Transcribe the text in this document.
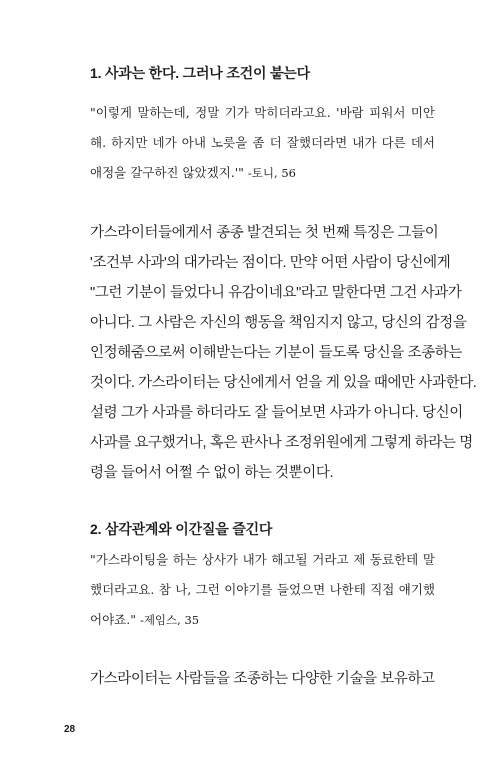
1. 사과는 한다. 그러나 조건이 붙는다
"이렇게 말하는데, 정말 기가 막히더라고요. '바람 피워서 미안
해. 하지만 네가 아내 노릇을 좀 더 잘했더라면 내가 다른 데서
애정을 갈구하진 않았겠지.'" -토니, 56
가스라이터들에게서 종종 발견되는 첫 번째 특징은 그들이
'조건부 사과'의 대가라는 점이다. 만약 어떤 사람이 당신에게
"그런 기분이 들었다니 유감이네요"라고 말한다면 그건 사과가
아니다. 그 사람은 자신의 행동을 책임지지 않고, 당신의 감정을
인정해줌으로써 이해받는다는 기분이 들도록 당신을 조종하는
것이다. 가스라이터는 당신에게서 얻을 게 있을 때에만 사과한다.
설령 그가 사과를 하더라도 잘 들어보면 사과가 아니다. 당신이
사과를 요구했거나, 혹은 판사나 조정위원에게 그렇게 하라는 명
령을 들어서 어쩔 수 없이 하는 것뿐이다.
2. 삼각관계와 이간질을 즐긴다
"가스라이팅을 하는 상사가 내가 해고될 거라고 제 동료한테 말
했더라고요. 참 나, 그런 이야기를 들었으면 나한테 직접 얘기했
어야죠." -제임스, 35
가스라이터는 사람들을 조종하는 다양한 기술을 보유하고
28
